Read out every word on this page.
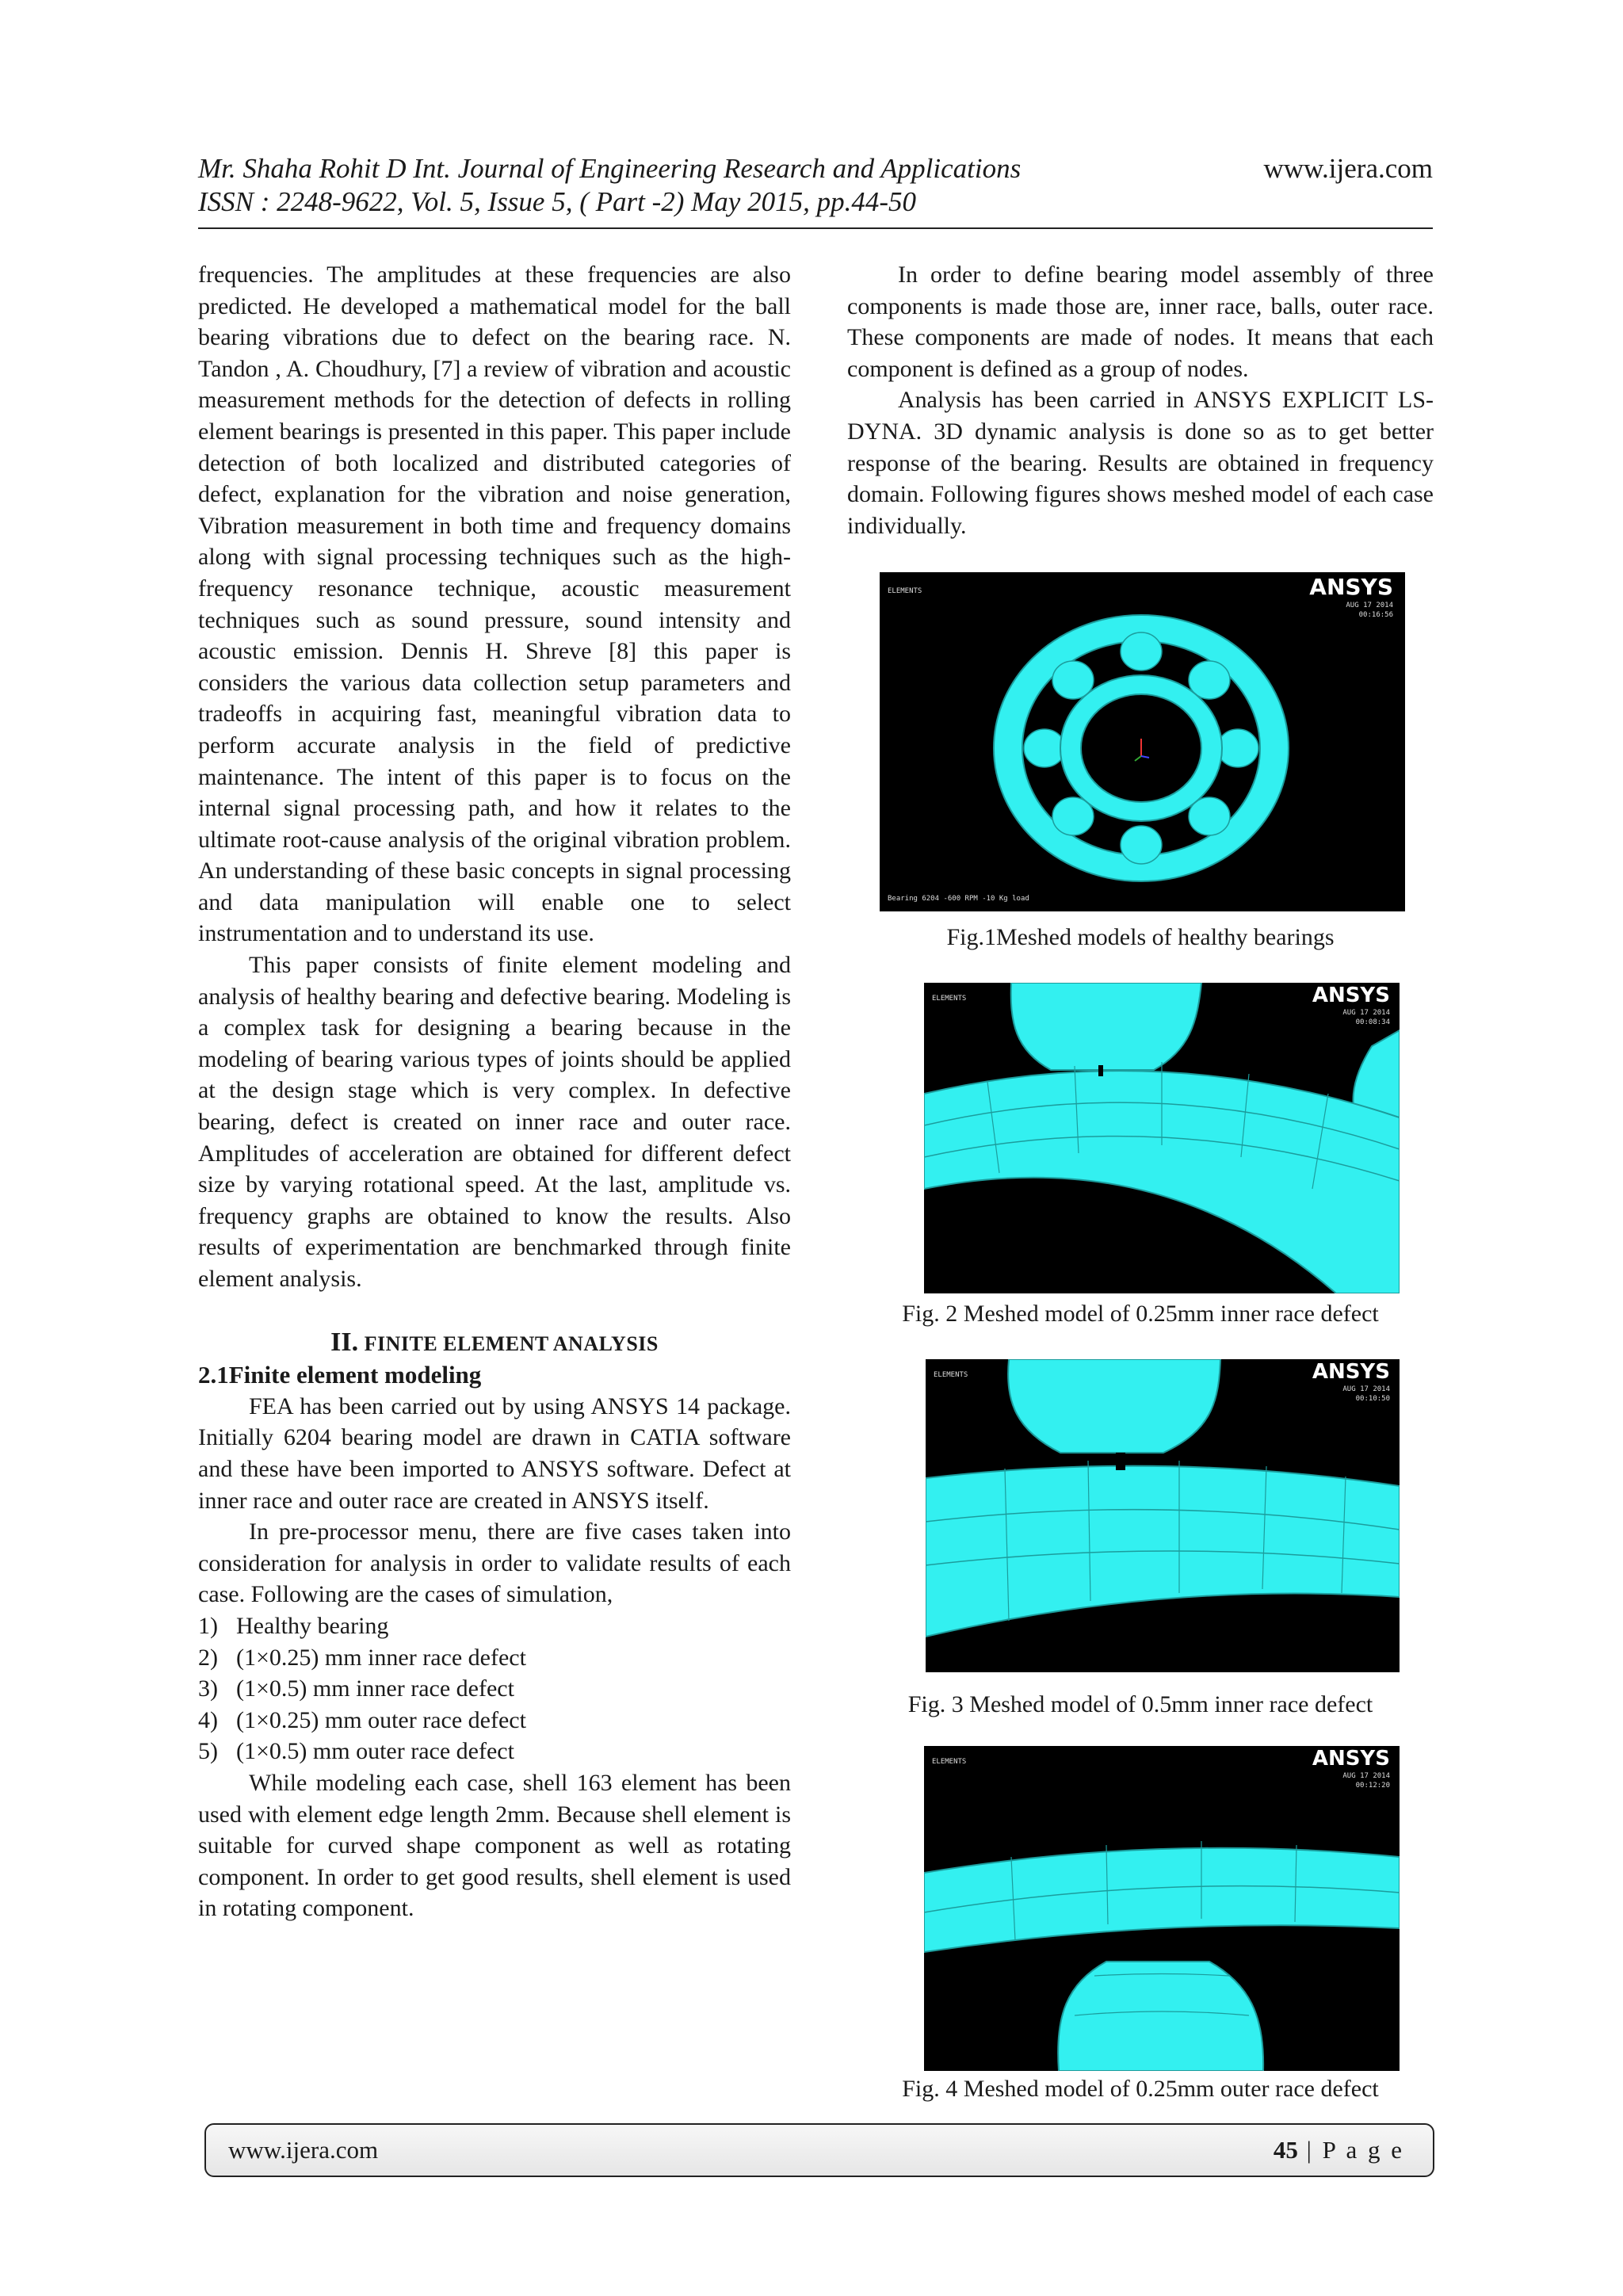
Mr. Shaha Rohit D Int. Journal of Engineering Research and Applications
ISSN : 2248-9622, Vol. 5, Issue 5, ( Part -2) May 2015, pp.44-50
www.ijera.com

frequencies. The amplitudes at these frequencies are also predicted. He developed a mathematical model for the ball bearing vibrations due to defect on the bearing race. N. Tandon , A. Choudhury, [7] a review of vibration and acoustic measurement methods for the detection of defects in rolling element bearings is presented in this paper. This paper include detection of both localized and distributed categories of defect, explanation for the vibration and noise generation, Vibration measurement in both time and frequency domains along with signal processing techniques such as the high-frequency resonance technique, acoustic measurement techniques such as sound pressure, sound intensity and acoustic emission. Dennis H. Shreve [8] this paper is considers the various data collection setup parameters and tradeoffs in acquiring fast, meaningful vibration data to perform accurate analysis in the field of predictive maintenance. The intent of this paper is to focus on the internal signal processing path, and how it relates to the ultimate root-cause analysis of the original vibration problem. An understanding of these basic concepts in signal processing and data manipulation will enable one to select instrumentation and to understand its use.

This paper consists of finite element modeling and analysis of healthy bearing and defective bearing. Modeling is a complex task for designing a bearing because in the modeling of bearing various types of joints should be applied at the design stage which is very complex. In defective bearing, defect is created on inner race and outer race. Amplitudes of acceleration are obtained for different defect size by varying rotational speed. At the last, amplitude vs. frequency graphs are obtained to know the results. Also results of experimentation are benchmarked through finite element analysis.

II. FINITE ELEMENT ANALYSIS
2.1Finite element modeling

FEA has been carried out by using ANSYS 14 package. Initially 6204 bearing model are drawn in CATIA software and these have been imported to ANSYS software. Defect at inner race and outer race are created in ANSYS itself.

In pre-processor menu, there are five cases taken into consideration for analysis in order to validate results of each case. Following are the cases of simulation,

1) Healthy bearing
2) (1×0.25) mm inner race defect
3) (1×0.5) mm inner race defect
4) (1×0.25) mm outer race defect
5) (1×0.5) mm outer race defect

While modeling each case, shell 163 element has been used with element edge length 2mm. Because shell element is suitable for curved shape component as well as rotating component. In order to get good results, shell element is used in rotating component.

In order to define bearing model assembly of three components is made those are, inner race, balls, outer race. These components are made of nodes. It means that each component is defined as a group of nodes.

Analysis has been carried in ANSYS EXPLICIT LS-DYNA. 3D dynamic analysis is done so as to get better response of the bearing. Results are obtained in frequency domain. Following figures shows meshed model of each case individually.

ELEMENTS	ANSYS
AUG 17 2014
00:16:56
Bearing 6204 -600 RPM -10 Kg load
Fig.1Meshed models of healthy bearings
ELEMENTS	ANSYS
AUG 17 2014
00:08:34
Fig. 2 Meshed model of 0.25mm inner race defect
ELEMENTS	ANSYS
AUG 17 2014
00:10:50
Fig. 3 Meshed model of 0.5mm inner race defect
ELEMENTS	ANSYS
AUG 17 2014
00:12:20
Fig. 4 Meshed model of 0.25mm outer race defect
www.ijera.com	45 | P a g e
